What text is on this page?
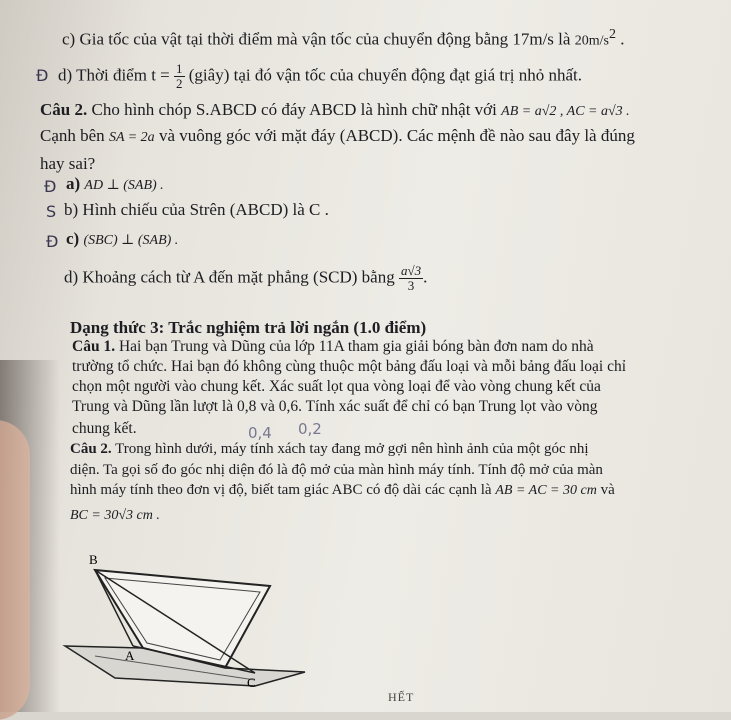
c) Gia tốc của vật tại thời điểm mà vận tốc của chuyển động bằng 17m/s là $20m/s^2$ .
Ð d) Thời điểm $t = \frac{1}{2}$ (giây) tại đó vận tốc của chuyển động đạt giá trị nhỏ nhất.
Câu 2. Cho hình chóp S.ABCD có đáy ABCD là hình chữ nhật với AB = a√2 , AC = a√3 .
Cạnh bên SA = 2a và vuông góc với mặt đáy (ABCD). Các mệnh đề nào sau đây là đúng
hay sai?
Ð a) AD ⊥ (SAB) .
S b) Hình chiếu của Strên (ABCD) là C .
Ð c) (SBC) ⊥ (SAB) .
d) Khoảng cách từ A đến mặt phẳng (SCD) bằng $\frac{a√3}{3}$ .
Dạng thức 3: Trắc nghiệm trả lời ngắn (1.0 điểm)
Câu 1. Hai bạn Trung và Dũng của lớp 11A tham gia giải bóng bàn đơn nam do nhà
trường tổ chức. Hai bạn đó không cùng thuộc một bảng đấu loại và mỗi bảng đấu loại chỉ
chọn một người vào chung kết. Xác suất lọt qua vòng loại để vào vòng chung kết của
Trung và Dũng lần lượt là 0,8 và 0,6. Tính xác suất để chỉ có bạn Trung lọt vào vòng
chung kết.	0,4 0,2
Câu 2. Trong hình dưới, máy tính xách tay đang mở gợi nên hình ảnh của một góc nhị
diện. Ta gọi số đo góc nhị diện đó là độ mở của màn hình máy tính. Tính độ mở của màn
hình máy tính theo đơn vị độ, biết tam giác ABC có độ dài các cạnh là AB = AC = 30 cm và
BC = 30√3 cm .
B
A
C
HẾT
